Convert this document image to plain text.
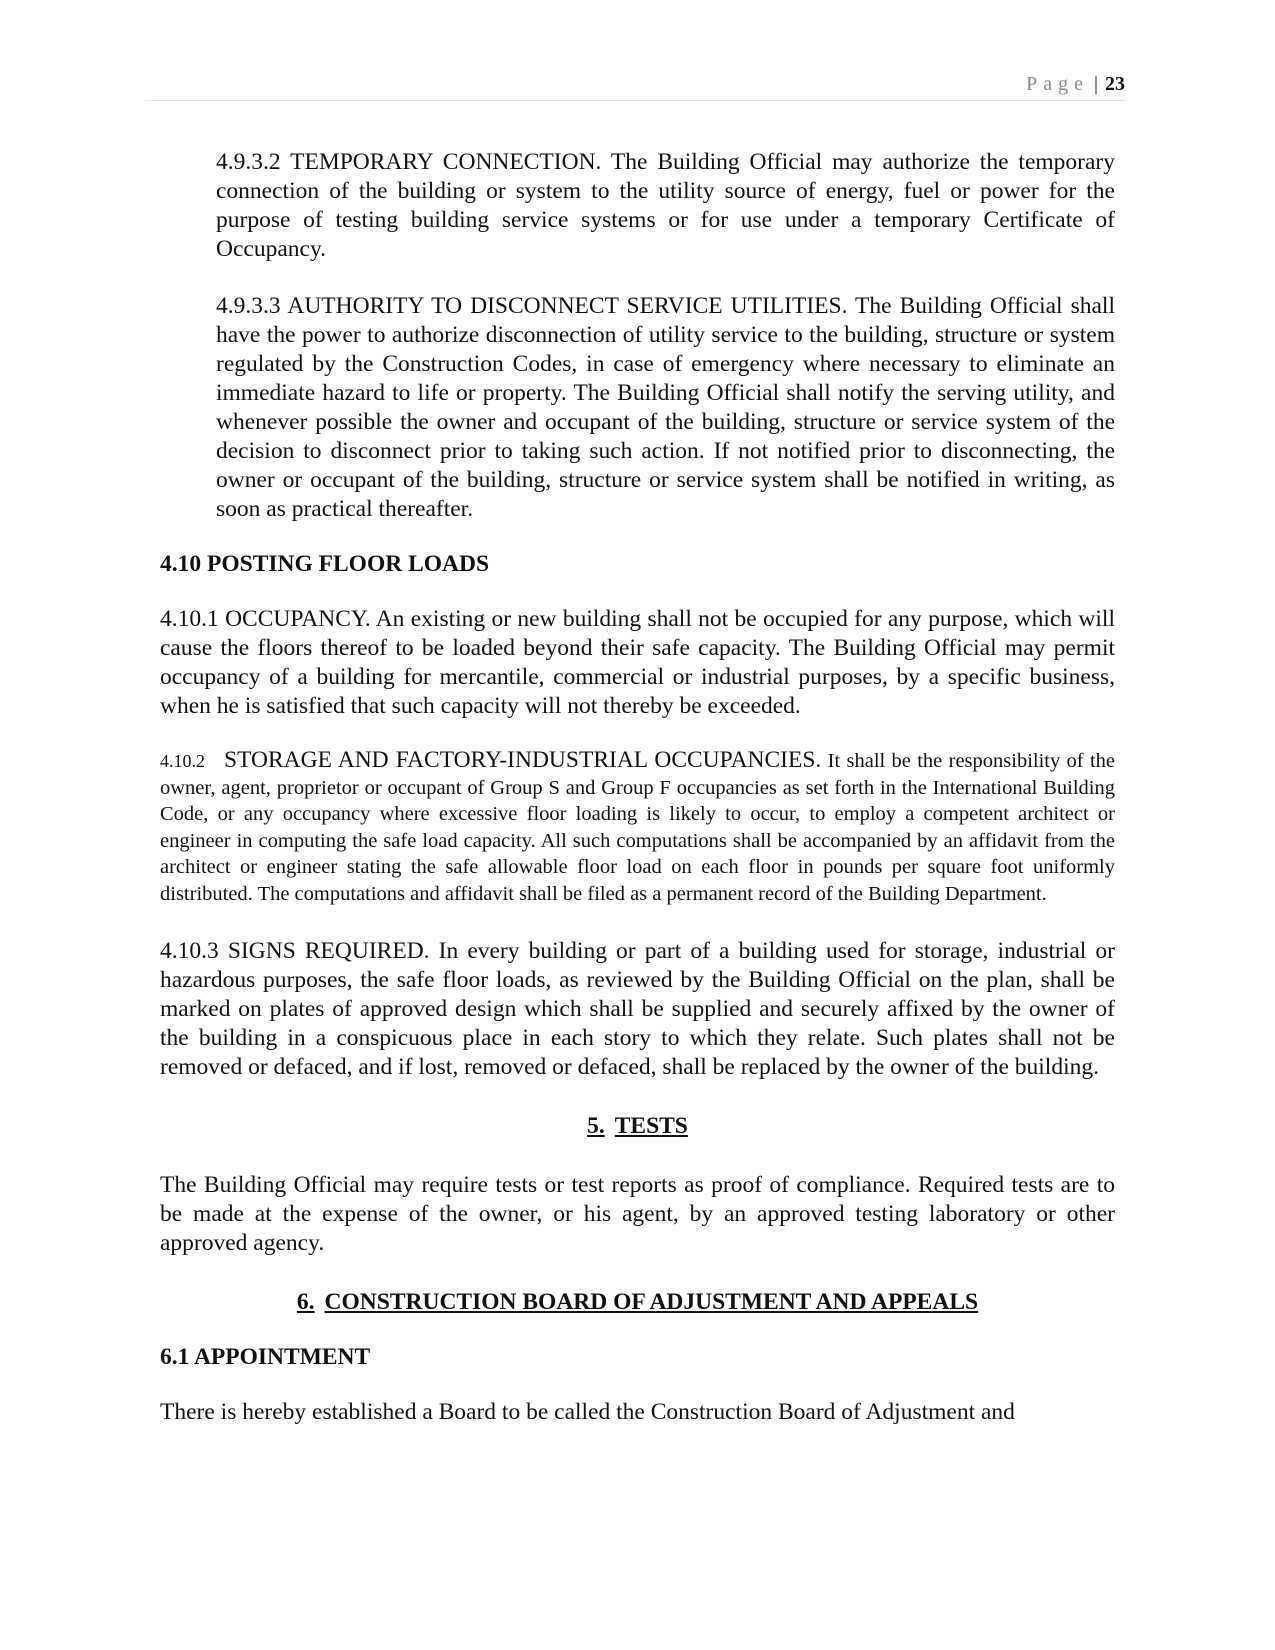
Page | 23

4.9.3.2 TEMPORARY CONNECTION. The Building Official may authorize the temporary connection of the building or system to the utility source of energy, fuel or power for the purpose of testing building service systems or for use under a temporary Certificate of Occupancy.

4.9.3.3 AUTHORITY TO DISCONNECT SERVICE UTILITIES. The Building Official shall have the power to authorize disconnection of utility service to the building, structure or system regulated by the Construction Codes, in case of emergency where necessary to eliminate an immediate hazard to life or property. The Building Official shall notify the serving utility, and whenever possible the owner and occupant of the building, structure or service system of the decision to disconnect prior to taking such action. If not notified prior to disconnecting, the owner or occupant of the building, structure or service system shall be notified in writing, as soon as practical thereafter.

4.10 POSTING FLOOR LOADS

4.10.1 OCCUPANCY. An existing or new building shall not be occupied for any purpose, which will cause the floors thereof to be loaded beyond their safe capacity. The Building Official may permit occupancy of a building for mercantile, commercial or industrial purposes, by a specific business, when he is satisfied that such capacity will not thereby be exceeded.

4.10.2 STORAGE AND FACTORY-INDUSTRIAL OCCUPANCIES. It shall be the responsibility of the owner, agent, proprietor or occupant of Group S and Group F occupancies as set forth in the International Building Code, or any occupancy where excessive floor loading is likely to occur, to employ a competent architect or engineer in computing the safe load capacity. All such computations shall be accompanied by an affidavit from the architect or engineer stating the safe allowable floor load on each floor in pounds per square foot uniformly distributed. The computations and affidavit shall be filed as a permanent record of the Building Department.

4.10.3 SIGNS REQUIRED. In every building or part of a building used for storage, industrial or hazardous purposes, the safe floor loads, as reviewed by the Building Official on the plan, shall be marked on plates of approved design which shall be supplied and securely affixed by the owner of the building in a conspicuous place in each story to which they relate. Such plates shall not be removed or defaced, and if lost, removed or defaced, shall be replaced by the owner of the building.

5. TESTS

The Building Official may require tests or test reports as proof of compliance. Required tests are to be made at the expense of the owner, or his agent, by an approved testing laboratory or other approved agency.

6. CONSTRUCTION BOARD OF ADJUSTMENT AND APPEALS

6.1 APPOINTMENT

There is hereby established a Board to be called the Construction Board of Adjustment and
